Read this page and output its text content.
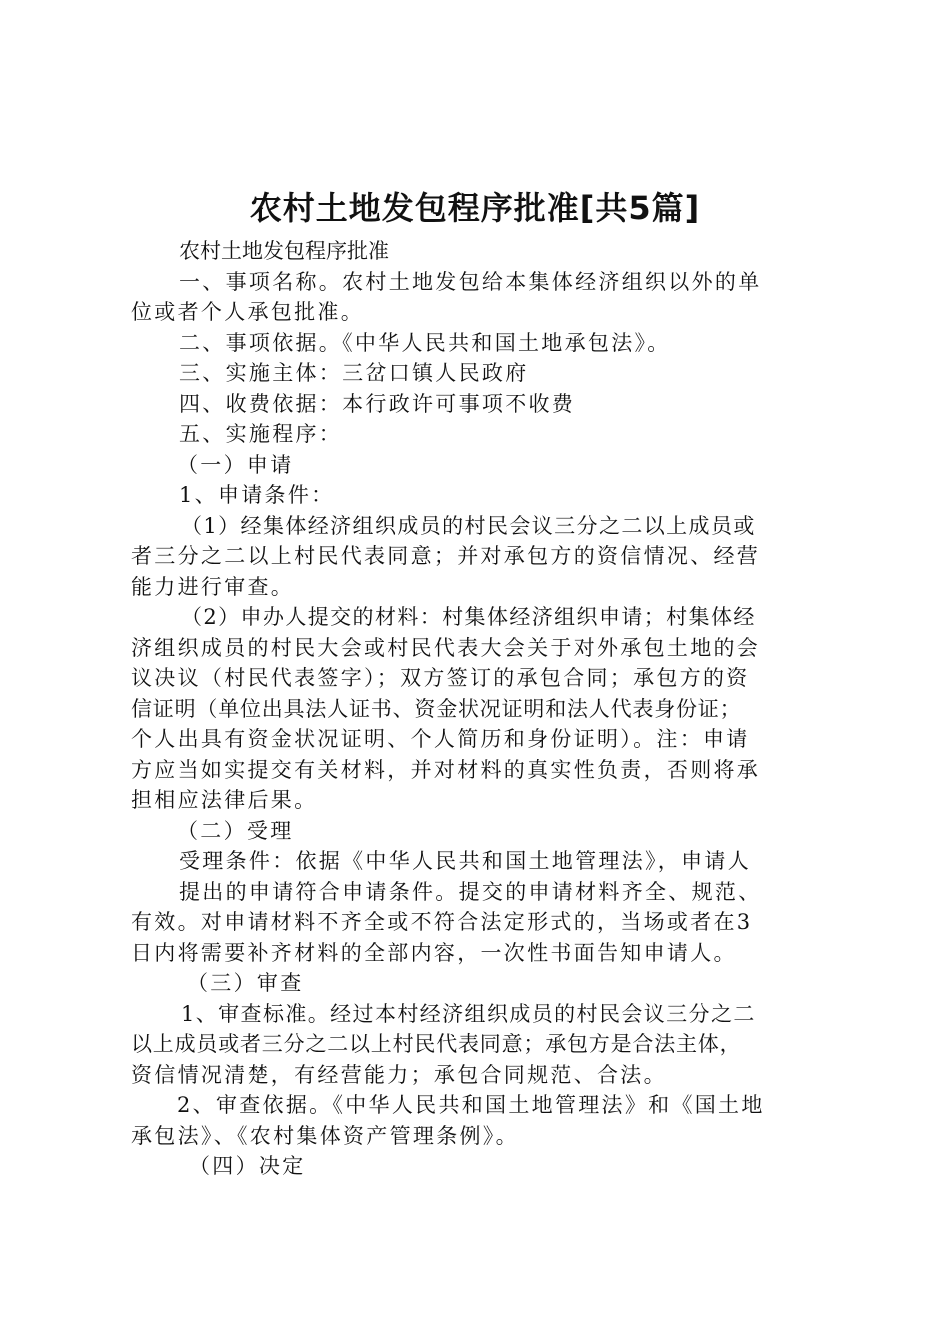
农村土地发包程序批准[共5篇]
农村土地发包程序批准
一、事项名称。农村土地发包给本集体经济组织以外的单
位或者个人承包批准。
二、事项依据。《中华人民共和国土地承包法》。
三、实施主体：三岔口镇人民政府
四、收费依据：本行政许可事项不收费
五、实施程序：
（一）申请
1、申请条件：
（1）经集体经济组织成员的村民会议三分之二以上成员或
者三分之二以上村民代表同意；并对承包方的资信情况、经营
能力进行审查。
（2）申办人提交的材料：村集体经济组织申请；村集体经
济组织成员的村民大会或村民代表大会关于对外承包土地的会
议决议（村民代表签字）；双方签订的承包合同；承包方的资
信证明（单位出具法人证书、资金状况证明和法人代表身份证；
个人出具有资金状况证明、个人简历和身份证明）。注：申请
方应当如实提交有关材料，并对材料的真实性负责，否则将承
担相应法律后果。
（二）受理
受理条件：依据《中华人民共和国土地管理法》，申请人
提出的申请符合申请条件。提交的申请材料齐全、规范、
有效。对申请材料不齐全或不符合法定形式的，当场或者在3
日内将需要补齐材料的全部内容，一次性书面告知申请人。
（三）审查
1、审查标准。经过本村经济组织成员的村民会议三分之二
以上成员或者三分之二以上村民代表同意；承包方是合法主体，
资信情况清楚，有经营能力；承包合同规范、合法。
2、审查依据。《中华人民共和国土地管理法》和《国土地
承包法》、《农村集体资产管理条例》。
（四）决定
